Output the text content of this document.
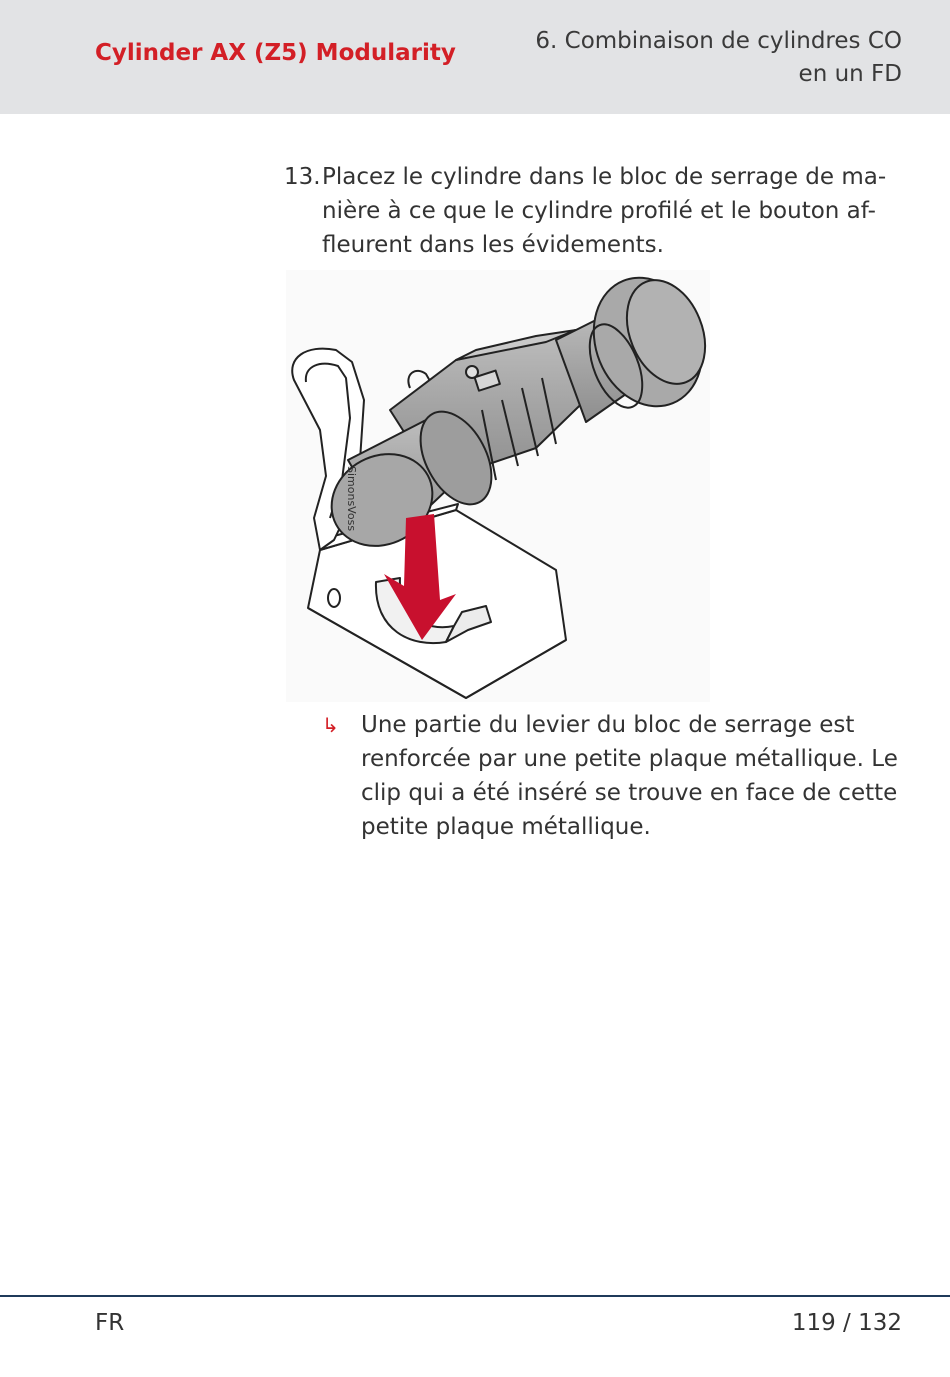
Cylinder AX (Z5) Modularity	6. Combinaison de cylindres CO
en un FD
13. Placez le cylindre dans le bloc de serrage de ma-
nière à ce que le cylindre profilé et le bouton af-
fleurent dans les évidements.
SimonsVoss
↳ Une partie du levier du bloc de serrage est
renforcée par une petite plaque métallique. Le
clip qui a été inséré se trouve en face de cette
petite plaque métallique.
FR	119 / 132
